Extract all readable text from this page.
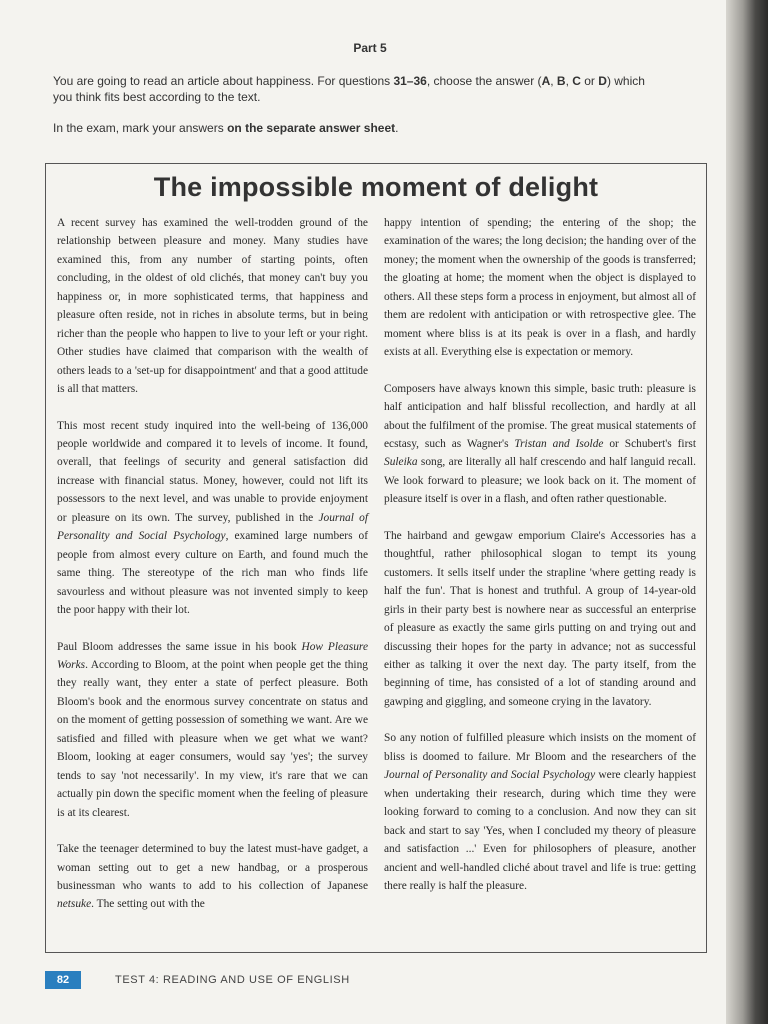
Part 5
You are going to read an article about happiness. For questions 31–36, choose the answer (A, B, C or D) which
you think fits best according to the text.
In the exam, mark your answers on the separate answer sheet.
The impossible moment of delight

A recent survey has examined the well-trodden ground of the relationship between pleasure and money. Many studies have examined this, from any number of starting points, often concluding, in the oldest of old clichés, that money can't buy you happiness or, in more sophisticated terms, that happiness and pleasure often reside, not in riches in absolute terms, but in being richer than the people who happen to live to your left or your right. Other studies have claimed that comparison with the wealth of others leads to a 'set-up for disappointment' and that a good attitude is all that matters.

This most recent study inquired into the well-being of 136,000 people worldwide and compared it to levels of income. It found, overall, that feelings of security and general satisfaction did increase with financial status. Money, however, could not lift its possessors to the next level, and was unable to provide enjoyment or pleasure on its own. The survey, published in the Journal of Personality and Social Psychology, examined large numbers of people from almost every culture on Earth, and found much the same thing. The stereotype of the rich man who finds life savourless and without pleasure was not invented simply to keep the poor happy with their lot.

Paul Bloom addresses the same issue in his book How Pleasure Works. According to Bloom, at the point when people get the thing they really want, they enter a state of perfect pleasure. Both Bloom's book and the enormous survey concentrate on status and on the moment of getting possession of something we want. Are we satisfied and filled with pleasure when we get what we want? Bloom, looking at eager consumers, would say 'yes'; the survey tends to say 'not necessarily'. In my view, it's rare that we can actually pin down the specific moment when the feeling of pleasure is at its clearest.

Take the teenager determined to buy the latest must-have gadget, a woman setting out to get a new handbag, or a prosperous businessman who wants to add to his collection of Japanese netsuke. The setting out with the

happy intention of spending; the entering of the shop; the examination of the wares; the long decision; the handing over of the money; the moment when the ownership of the goods is transferred; the gloating at home; the moment when the object is displayed to others. All these steps form a process in enjoyment, but almost all of them are redolent with anticipation or with retrospective glee. The moment where bliss is at its peak is over in a flash, and hardly exists at all. Everything else is expectation or memory.

Composers have always known this simple, basic truth: pleasure is half anticipation and half blissful recollection, and hardly at all about the fulfilment of the promise. The great musical statements of ecstasy, such as Wagner's Tristan and Isolde or Schubert's first Suleika song, are literally all half crescendo and half languid recall. We look forward to pleasure; we look back on it. The moment of pleasure itself is over in a flash, and often rather questionable.

The hairband and gewgaw emporium Claire's Accessories has a thoughtful, rather philosophical slogan to tempt its young customers. It sells itself under the strapline 'where getting ready is half the fun'. That is honest and truthful. A group of 14-year-old girls in their party best is nowhere near as successful an enterprise of pleasure as exactly the same girls putting on and trying out and discussing their hopes for the party in advance; not as successful either as talking it over the next day. The party itself, from the beginning of time, has consisted of a lot of standing around and gawping and giggling, and someone crying in the lavatory.

So any notion of fulfilled pleasure which insists on the moment of bliss is doomed to failure. Mr Bloom and the researchers of the Journal of Personality and Social Psychology were clearly happiest when undertaking their research, during which time they were looking forward to coming to a conclusion. And now they can sit back and start to say 'Yes, when I concluded my theory of pleasure and satisfaction ...' Even for philosophers of pleasure, another ancient and well-handled cliché about travel and life is true: getting there really is half the pleasure.

82	TEST 4: READING AND USE OF ENGLISH
